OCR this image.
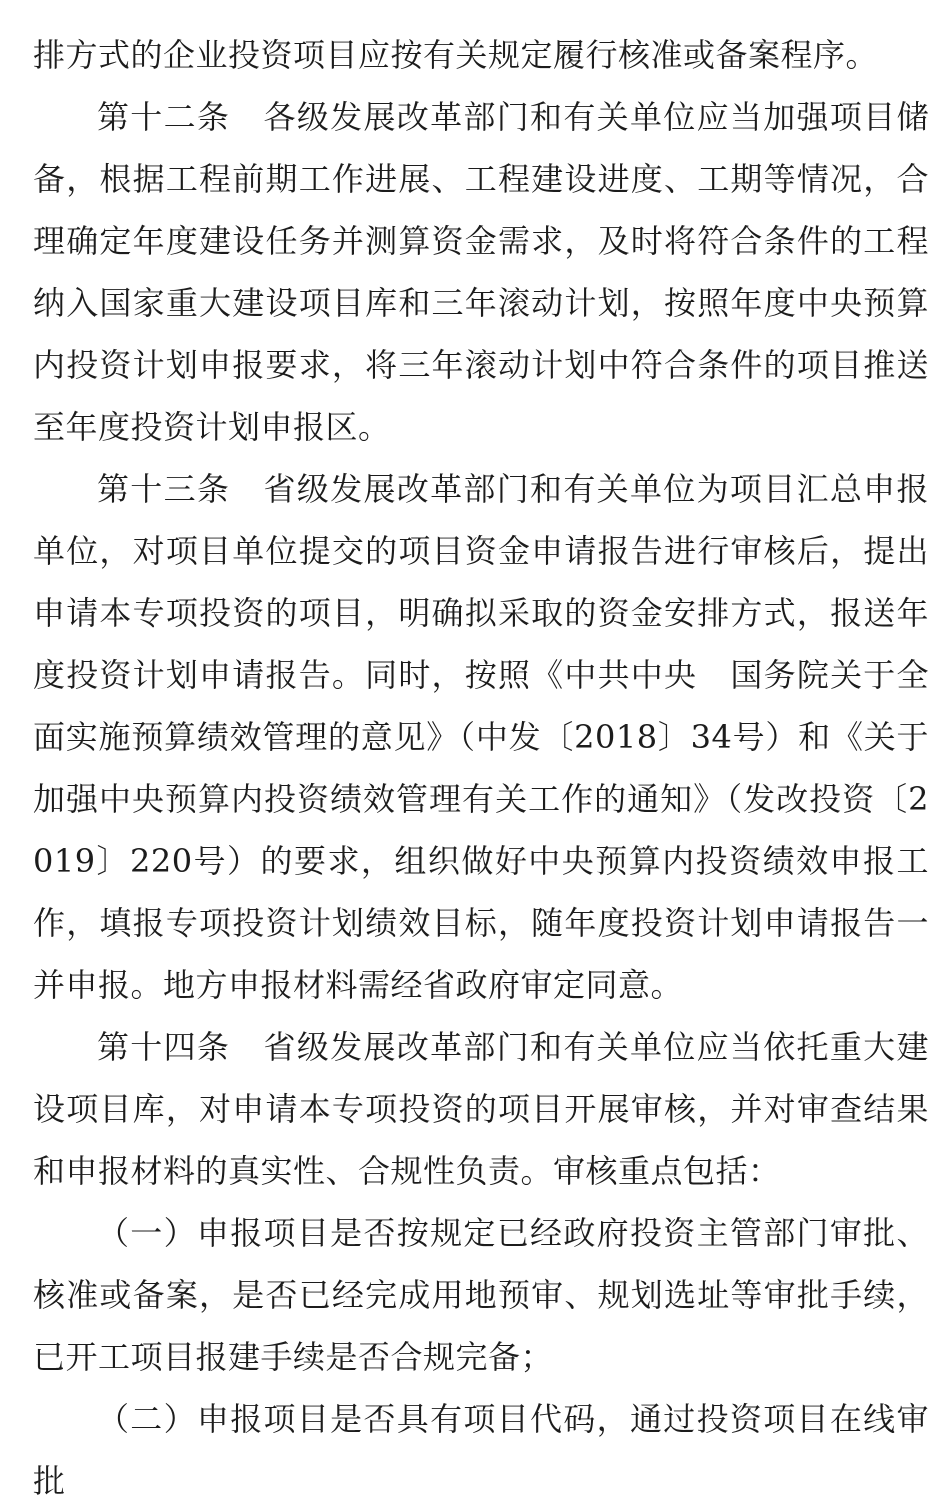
排方式的企业投资项目应按有关规定履行核准或备案程序。

第十二条　各级发展改革部门和有关单位应当加强项目储备，根据工程前期工作进展、工程建设进度、工期等情况，合理确定年度建设任务并测算资金需求，及时将符合条件的工程纳入国家重大建设项目库和三年滚动计划，按照年度中央预算内投资计划申报要求，将三年滚动计划中符合条件的项目推送至年度投资计划申报区。

第十三条　省级发展改革部门和有关单位为项目汇总申报单位，对项目单位提交的项目资金申请报告进行审核后，提出申请本专项投资的项目，明确拟采取的资金安排方式，报送年度投资计划申请报告。同时，按照《中共中央　国务院关于全面实施预算绩效管理的意见》（中发〔2018〕34号）和《关于加强中央预算内投资绩效管理有关工作的通知》（发改投资〔2019〕220号）的要求，组织做好中央预算内投资绩效申报工作，填报专项投资计划绩效目标，随年度投资计划申请报告一并申报。地方申报材料需经省政府审定同意。

第十四条　省级发展改革部门和有关单位应当依托重大建设项目库，对申请本专项投资的项目开展审核，并对审查结果和申报材料的真实性、合规性负责。审核重点包括：

（一）申报项目是否按规定已经政府投资主管部门审批、核准或备案，是否已经完成用地预审、规划选址等审批手续，已开工项目报建手续是否合规完备；

（二）申报项目是否具有项目代码，通过投资项目在线审批
